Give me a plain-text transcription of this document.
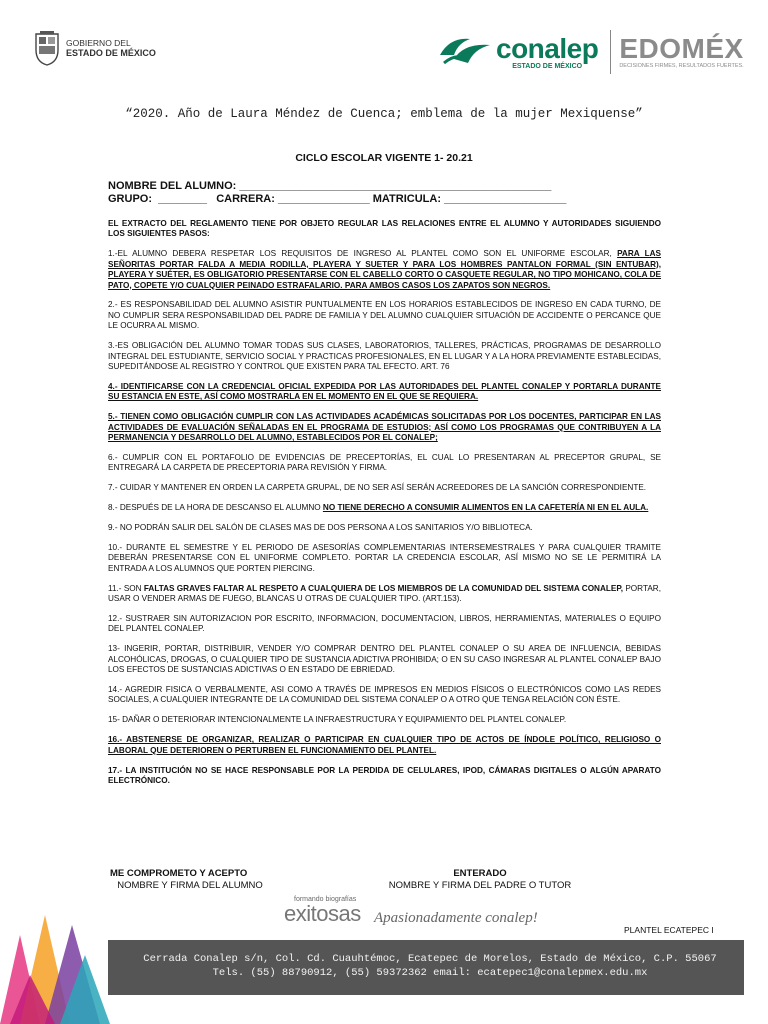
GOBIERNO DEL
ESTADO DE MÉXICO	conalep
ESTADO DE MÉXICO
EDOMÉX
DECISIONES FIRMES, RESULTADOS FUERTES.
“2020. Año de Laura Méndez de Cuenca; emblema de la mujer Mexiquense”
CICLO ESCOLAR VIGENTE 1- 20.21
NOMBRE DEL ALUMNO: ___________________________________________________
GRUPO:  ________   CARRERA: _______________ MATRICULA: ____________________

EL EXTRACTO DEL REGLAMENTO TIENE POR OBJETO REGULAR LAS RELACIONES ENTRE EL ALUMNO Y AUTORIDADES SIGUIENDO LOS SIGUIENTES PASOS:

1.-EL ALUMNO DEBERA RESPETAR LOS REQUISITOS DE INGRESO AL PLANTEL COMO SON EL UNIFORME ESCOLAR, PARA LAS SEÑORITAS PORTAR FALDA A MEDIA RODILLA, PLAYERA Y SUETER Y PARA LOS HOMBRES PANTALON FORMAL (SIN ENTUBAR), PLAYERA Y SUÉTER, ES OBLIGATORIO PRESENTARSE CON EL CABELLO CORTO O CASQUETE REGULAR, NO TIPO MOHICANO, COLA DE PATO, COPETE Y/O CUALQUIER PEINADO ESTRAFALARIO. PARA AMBOS CASOS LOS ZAPATOS SON NEGROS.

2.- ES RESPONSABILIDAD DEL ALUMNO ASISTIR PUNTUALMENTE EN LOS HORARIOS ESTABLECIDOS DE INGRESO EN CADA TURNO, DE NO CUMPLIR SERA RESPONSABILIDAD DEL PADRE DE FAMILIA Y DEL ALUMNO CUALQUIER SITUACIÓN DE ACCIDENTE O PERCANCE QUE LE OCURRA AL MISMO.

3.-ES OBLIGACIÓN DEL ALUMNO TOMAR TODAS SUS CLASES, LABORATORIOS, TALLERES, PRÁCTICAS, PROGRAMAS DE DESARROLLO INTEGRAL DEL ESTUDIANTE, SERVICIO SOCIAL Y PRACTICAS PROFESIONALES, EN EL LUGAR Y A LA HORA PREVIAMENTE ESTABLECIDAS, SUPEDITÁNDOSE AL REGISTRO Y CONTROL QUE EXISTEN PARA TAL EFECTO. ART. 76

4.- IDENTIFICARSE CON LA CREDENCIAL OFICIAL EXPEDIDA POR LAS AUTORIDADES DEL PLANTEL CONALEP Y PORTARLA DURANTE SU ESTANCIA EN ESTE, ASÍ COMO MOSTRARLA EN EL MOMENTO EN EL QUE SE REQUIERA.

5.- TIENEN COMO OBLIGACIÓN CUMPLIR CON LAS ACTIVIDADES ACADÉMICAS SOLICITADAS POR LOS DOCENTES, PARTICIPAR EN LAS ACTIVIDADES DE EVALUACIÓN SEÑALADAS EN EL PROGRAMA DE ESTUDIOS; ASÍ COMO LOS PROGRAMAS QUE CONTRIBUYEN A LA PERMANENCIA Y DESARROLLO DEL ALUMNO, ESTABLECIDOS POR EL CONALEP;

6.- CUMPLIR CON EL PORTAFOLIO DE EVIDENCIAS DE PRECEPTORÍAS, EL CUAL LO PRESENTARAN AL PRECEPTOR GRUPAL, SE ENTREGARÁ LA CARPETA DE PRECEPTORIA PARA REVISIÓN Y FIRMA.

7.- CUIDAR Y MANTENER EN ORDEN LA CARPETA GRUPAL, DE NO SER ASÍ SERÁN ACREEDORES DE LA SANCIÓN CORRESPONDIENTE.

8.- DESPUÉS DE LA HORA DE DESCANSO EL ALUMNO NO TIENE DERECHO A CONSUMIR ALIMENTOS EN LA CAFETERÍA NI EN EL AULA.

9.- NO PODRÁN SALIR DEL SALÓN DE CLASES MAS DE DOS PERSONA A LOS SANITARIOS Y/O BIBLIOTECA.

10.- DURANTE EL SEMESTRE Y EL PERIODO DE ASESORÍAS COMPLEMENTARIAS INTERSEMESTRALES Y PARA CUALQUIER TRAMITE DEBERÁN PRESENTARSE CON EL UNIFORME COMPLETO. PORTAR LA CREDENCIA ESCOLAR, ASÍ MISMO NO SE LE PERMITIRÁ LA ENTRADA A LOS ALUMNOS QUE PORTEN PIERCING.

11.- SON FALTAS GRAVES FALTAR AL RESPETO A CUALQUIERA DE LOS MIEMBROS DE LA COMUNIDAD DEL SISTEMA CONALEP, PORTAR, USAR O VENDER ARMAS DE FUEGO, BLANCAS U OTRAS DE CUALQUIER TIPO. (ART.153).

12.- SUSTRAER SIN AUTORIZACION POR ESCRITO, INFORMACION, DOCUMENTACION, LIBROS, HERRAMIENTAS, MATERIALES O EQUIPO DEL PLANTEL CONALEP.

13- INGERIR, PORTAR, DISTRIBUIR, VENDER Y/O COMPRAR DENTRO DEL PLANTEL CONALEP O SU AREA DE INFLUENCIA, BEBIDAS ALCOHÓLICAS, DROGAS, O CUALQUIER TIPO DE SUSTANCIA ADICTIVA PROHIBIDA; O EN SU CASO INGRESAR AL PLANTEL CONALEP BAJO LOS EFECTOS DE SUSTANCIAS ADICTIVAS O EN ESTADO DE EBRIEDAD.

14.- AGREDIR FISICA O VERBALMENTE, ASI COMO A TRAVÉS DE IMPRESOS EN MEDIOS FÍSICOS O ELECTRÓNICOS COMO LAS REDES SOCIALES, A CUALQUIER INTEGRANTE DE LA COMUNIDAD DEL SISTEMA CONALEP O A OTRO QUE TENGA RELACIÓN CON ÉSTE.

15- DAÑAR O DETERIORAR INTENCIONALMENTE LA INFRAESTRUCTURA Y EQUIPAMIENTO DEL PLANTEL CONALEP.

16.- ABSTENERSE DE ORGANIZAR, REALIZAR O PARTICIPAR EN CUALQUIER TIPO DE ACTOS DE ÍNDOLE POLÍTICO, RELIGIOSO O LABORAL QUE DETERIOREN O PERTURBEN EL FUNCIONAMIENTO DEL PLANTEL.

17.- LA INSTITUCIÓN NO SE HACE RESPONSABLE POR LA PERDIDA DE CELULARES, IPOD, CÁMARAS DIGITALES O ALGÚN APARATO ELECTRÓNICO.

ME COMPROMETO Y ACEPTO
NOMBRE Y FIRMA DEL ALUMNO
ENTERADO
NOMBRE Y FIRMA DEL PADRE O TUTOR
formando biografías
exitosas Apasionadamente conalep!
PLANTEL ECATEPEC I
Cerrada Conalep s/n, Col. Cd. Cuauhtémoc, Ecatepec de Morelos, Estado de México, C.P. 55067
Tels. (55) 88790912, (55) 59372362 email: ecatepec1@conalepmex.edu.mx
